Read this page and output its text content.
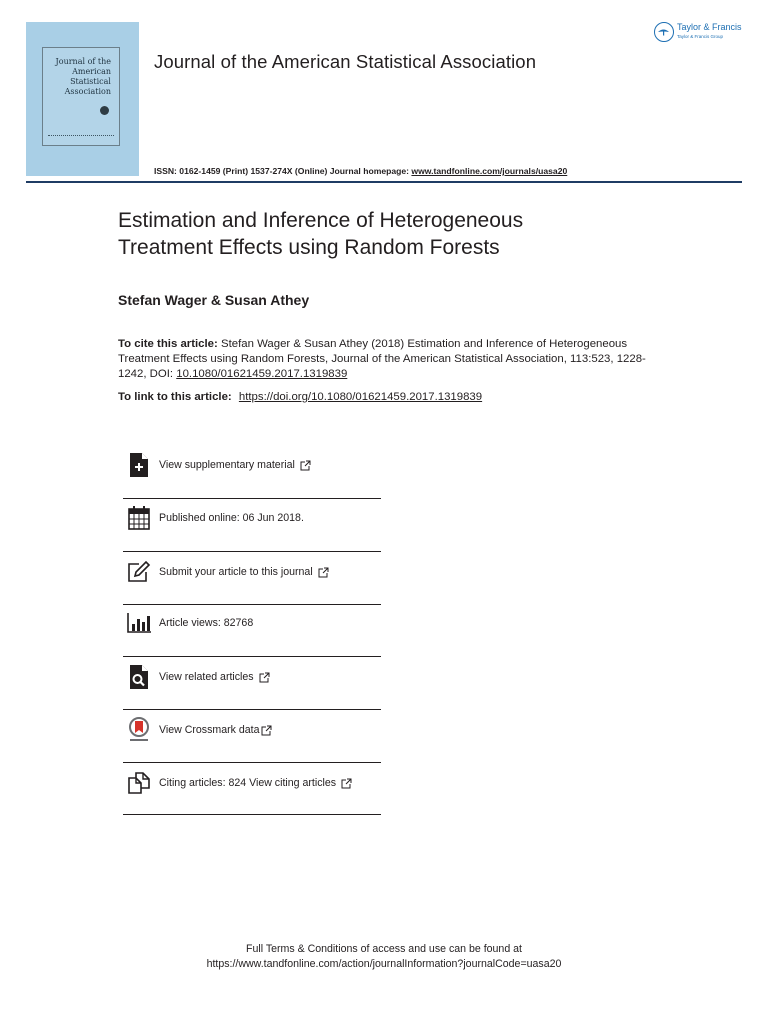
Journal of the
American
Statistical
Association
Journal of the American Statistical Association
Taylor & Francis
Taylor & Francis Group
ISSN: 0162-1459 (Print) 1537-274X (Online) Journal homepage: www.tandfonline.com/journals/uasa20
Estimation and Inference of Heterogeneous
Treatment Effects using Random Forests
Stefan Wager & Susan Athey
To cite this article: Stefan Wager & Susan Athey (2018) Estimation and Inference of Heterogeneous Treatment Effects using Random Forests, Journal of the American Statistical Association, 113:523, 1228-1242, DOI: 10.1080/01621459.2017.1319839
To link to this article: https://doi.org/10.1080/01621459.2017.1319839
View supplementary material
Published online: 06 Jun 2018.
Submit your article to this journal
Article views: 82768
View related articles
View Crossmark data
Citing articles: 824 View citing articles
Full Terms & Conditions of access and use can be found at
https://www.tandfonline.com/action/journalInformation?journalCode=uasa20
